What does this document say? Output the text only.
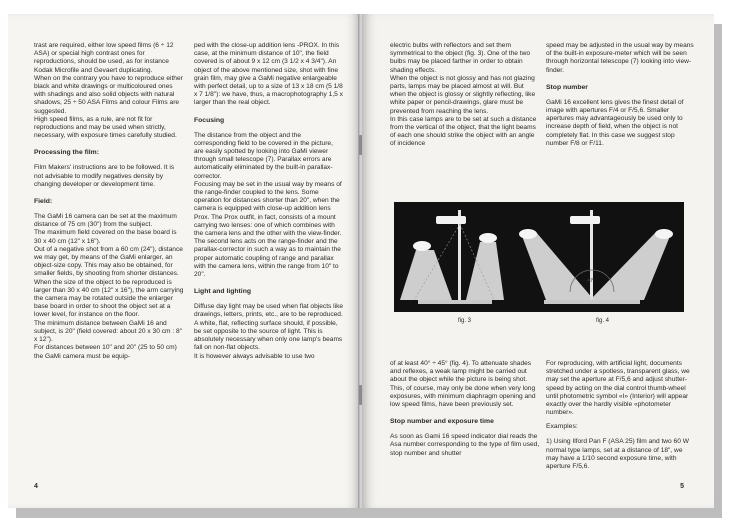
trast are required, either low speed films (6 ÷ 12 ASA) or special high contrast ones for reproductions, should be used, as for instance Kodak Microfile and Gevaert duplicating.
When on the contrary you have to reproduce either black and white drawings or multicoloured ones with shadings and also solid objects with natural shadows, 25 ÷ 50 ASA Films and colour Films are suggested.
High speed films, as a rule, are not fit for reproductions and may be used when strictly, necessary, with exposure times carefully studied.

Processing the film:

Film Makers' instructions are to be followed. It is not advisable to modify negatives density by changing developer or development time.

Field:

The GaMi 16 camera can be set at the maximum distance of 75 cm (30") from the subject.
The maximum field covered on the base board is 30 x 40 cm (12" x 16").
Out of a negative shot from a 60 cm (24"), distance we may get, by means of the GaMi enlarger, an object-size copy. This may also be obtained, for smaller fields, by shooting from shorter distances.
When the size of the object to be reproduced is larger than 30 x 40 cm (12" x 16"), the arm carrying the camera may be rotated outside the enlarger base board in order to shoot the object set at a lower level, for instance on the floor.
The minimum distance between GaMi 16 and subject, is 20" (field covered: about 20 x 30 cm : 8" x 12").
For distances between 10" and 20" (25 to 50 cm) the GaMi camera must be equip-

ped with the close-up addition lens -PROX. In this case, at the minimum distance of 10", the field covered is of about 9 x 12 cm (3 1/2 x 4 3/4"). An object of the above mentioned size, shot with fine grain film, may give a GaMi negative enlargeable with perfect detail, up to a size of 13 x 18 cm (5 1/8 x 7 1/8"): we have, thus, a macrophotography 1,5 x larger than the real object.

Focusing

The distance from the object and the corresponding field to be covered in the picture, are easily spotted by looking into GaMi viewer through small telescope (7). Parallax errors are automatically eliminated by the built-in parallax-corrector.
Focusing may be set in the usual way by means of the range-finder coupled to the lens. Some operation for distances shorter than 20", when the camera is equipped with close-up addition lens Prox. The Prox outfit, in fact, consists of a mount carrying two lenses: one of which combines with the camera lens and the other with the view-finder. The second lens acts on the range-finder and the parallax-corrector in such a way as to maintain the proper automatic coupling of range and parallax with the camera lens, within the range from 10" to 20".

Light and lighting

Diffuse day light may be used when flat objects like drawings, letters, prints, etc., are to be reproduced. A white, flat, reflecting surface should, if possible, be set opposite to the source of light. This is absolutely necessary when only one lamp's beams fall on non-flat objects.
It is however always advisable to use two

4

electric bulbs with reflectors and set them symmetrical to the object (fig. 3). One of the two bulbs may be placed farther in order to obtain shading effects.
When the object is not glossy and has not glazing parts, lamps may be placed almost at will. But when the object is glossy or slightly reflecting, like white paper or pencil-drawings, glare must be prevented from reaching the lens.
In this case lamps are to be set at such a distance from the vertical of the object, that the light beams of each one should strike the object with an angle of incidence

speed may be adjusted in the usual way by means of the built-in exposure-meter which will be seen through horizontal telescope (7) looking into view-finder.

Stop number

GaMi 16 excellent lens gives the finest detail of image with apertures F/4 or F/5,6. Smaller apertures may advantageously be used only to increase depth of field, when the object is not completely flat. In this case we suggest stop number F/8 or F/11.

40°
fig. 3	fig. 4

of at least 40° ÷ 45° (fig. 4). To attenuate shades and reflexes, a weak lamp might be carried out about the object while the picture is being shot.
This, of course, may only be done when very long exposures, with minimum diaphragm opening and low speed films, have been previously set.

Stop number and exposure time

As soon as Gami 16 speed indicator dial reads the Asa number corresponding to the type of film used, stop number and shutter

For reproducing, with artificial light, documents stretched under a spotless, transparent glass, we may set the aperture at F/5,6 and adjust shutter-speed by acting on the dial control thumb-wheel until photometric symbol «I» (Interior) will appear exactly over the hardly visible «photometer number».

Examples:

1) Using Ilford Pan F (ASA 25) film and two 60 W normal type lamps, set at a distance of 18", we may have a 1/10 second exposure time, with aperture F/5,6.

5
